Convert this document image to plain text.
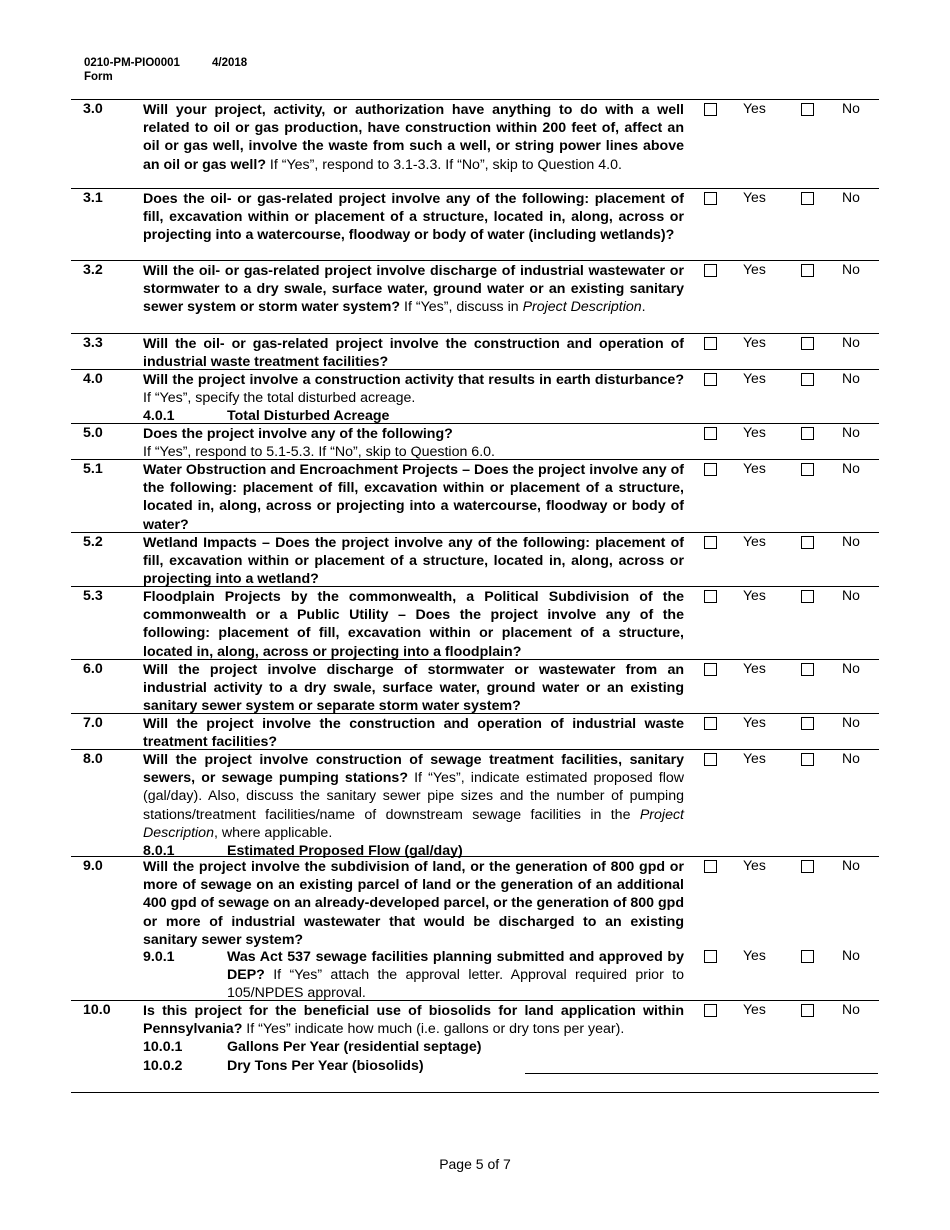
0210-PM-PIO0001	4/2018
Form
3.0	Will your project, activity, or authorization have anything to do with a well related to oil or gas production, have construction within 200 feet of, affect an oil or gas well, involve the waste from such a well, or string power lines above an oil or gas well? If “Yes”, respond to 3.1-3.3. If “No”, skip to Question 4.0.
Yes	No
3.1	Does the oil- or gas-related project involve any of the following: placement of fill, excavation within or placement of a structure, located in, along, across or projecting into a watercourse, floodway or body of water (including wetlands)?
Yes	No
3.2	Will the oil- or gas-related project involve discharge of industrial wastewater or stormwater to a dry swale, surface water, ground water or an existing sanitary sewer system or storm water system? If “Yes”, discuss in Project Description.
Yes	No
3.3	Will the oil- or gas-related project involve the construction and operation of industrial waste treatment facilities?
Yes	No
4.0	Will the project involve a construction activity that results in earth disturbance? If “Yes”, specify the total disturbed acreage.
4.0.1	Total Disturbed Acreage
Yes	No
5.0	Does the project involve any of the following?
If “Yes”, respond to 5.1-5.3. If “No”, skip to Question 6.0.
Yes	No
5.1	Water Obstruction and Encroachment Projects – Does the project involve any of the following: placement of fill, excavation within or placement of a structure, located in, along, across or projecting into a watercourse, floodway or body of water?
Yes	No
5.2	Wetland Impacts – Does the project involve any of the following: placement of fill, excavation within or placement of a structure, located in, along, across or projecting into a wetland?
Yes	No
5.3	Floodplain Projects by the commonwealth, a Political Subdivision of the commonwealth or a Public Utility – Does the project involve any of the following: placement of fill, excavation within or placement of a structure, located in, along, across or projecting into a floodplain?
Yes	No
6.0	Will the project involve discharge of stormwater or wastewater from an industrial activity to a dry swale, surface water, ground water or an existing sanitary sewer system or separate storm water system?
Yes	No
7.0	Will the project involve the construction and operation of industrial waste treatment facilities?
Yes	No
8.0	Will the project involve construction of sewage treatment facilities, sanitary sewers, or sewage pumping stations? If “Yes”, indicate estimated proposed flow (gal/day). Also, discuss the sanitary sewer pipe sizes and the number of pumping stations/treatment facilities/name of downstream sewage facilities in the Project Description, where applicable.
8.0.1	Estimated Proposed Flow (gal/day)
Yes	No
9.0	Will the project involve the subdivision of land, or the generation of 800 gpd or more of sewage on an existing parcel of land or the generation of an additional 400 gpd of sewage on an already-developed parcel, or the generation of 800 gpd or more of industrial wastewater that would be discharged to an existing sanitary sewer system?
Yes	No
9.0.1	Was Act 537 sewage facilities planning submitted and approved by DEP? If “Yes” attach the approval letter. Approval required prior to 105/NPDES approval.
Yes	No
10.0 Is this project for the beneficial use of biosolids for land application within Pennsylvania? If “Yes” indicate how much (i.e. gallons or dry tons per year).
10.0.1	Gallons Per Year (residential septage)
10.0.2	Dry Tons Per Year (biosolids)
Yes	No
Page 5 of 7
